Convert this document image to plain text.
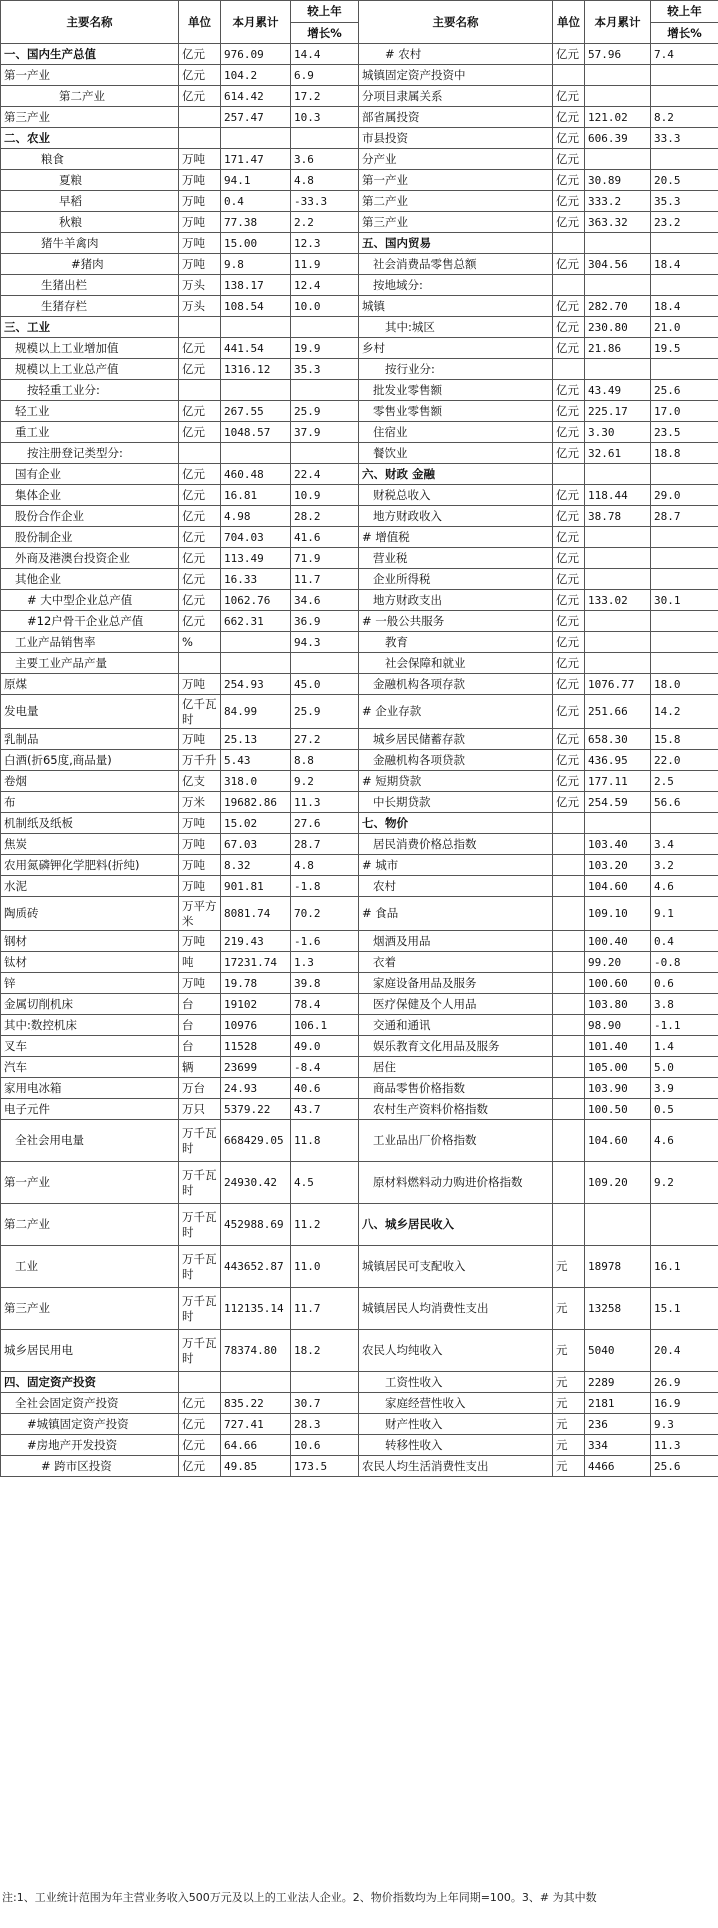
主要名称	单位	本月累计	较上年	主要名称	单位	本月累计	较上年
			增长%				增长%
一、国内生产总值	亿元	976.09	14.4	# 农村	亿元	57.96	7.4
第一产业	亿元	104.2	6.9	城镇固定资产投资中			
第二产业	亿元	614.42	17.2	分项目隶属关系	亿元		
第三产业		257.47	10.3	部省属投资	亿元	121.02	8.2
二、农业				市县投资	亿元	606.39	33.3
粮食	万吨	171.47	3.6	分产业	亿元		
夏粮	万吨	94.1	4.8	第一产业	亿元	30.89	20.5
早稻	万吨	0.4	-33.3	第二产业	亿元	333.2	35.3
秋粮	万吨	77.38	2.2	第三产业	亿元	363.32	23.2
猪牛羊禽肉	万吨	15.00	12.3	五、国内贸易			
#猪肉	万吨	9.8	11.9	社会消费品零售总额	亿元	304.56	18.4
生猪出栏	万头	138.17	12.4	按地域分:			
生猪存栏	万头	108.54	10.0	城镇	亿元	282.70	18.4
三、工业				其中:城区	亿元	230.80	21.0
规模以上工业增加值	亿元	441.54	19.9	乡村	亿元	21.86	19.5
规模以上工业总产值	亿元	1316.12	35.3	按行业分:			
按轻重工业分:				批发业零售额	亿元	43.49	25.6
轻工业	亿元	267.55	25.9	零售业零售额	亿元	225.17	17.0
重工业	亿元	1048.57	37.9	住宿业	亿元	3.30	23.5
按注册登记类型分:				餐饮业	亿元	32.61	18.8
国有企业	亿元	460.48	22.4	六、财政 金融			
集体企业	亿元	16.81	10.9	财税总收入	亿元	118.44	29.0
股份合作企业	亿元	4.98	28.2	地方财政收入	亿元	38.78	28.7
股份制企业	亿元	704.03	41.6	# 增值税	亿元		
外商及港澳台投资企业	亿元	113.49	71.9	营业税	亿元		
其他企业	亿元	16.33	11.7	企业所得税	亿元		
# 大中型企业总产值	亿元	1062.76	34.6	地方财政支出	亿元	133.02	30.1
#12户骨干企业总产值	亿元	662.31	36.9	# 一般公共服务	亿元		
工业产品销售率	%		94.3	教育	亿元		
主要工业产品产量				社会保障和就业	亿元		
原煤	万吨	254.93	45.0	金融机构各项存款	亿元	1076.77	18.0
发电量	亿千瓦时	84.99	25.9	# 企业存款	亿元	251.66	14.2
乳制品	万吨	25.13	27.2	城乡居民储蓄存款	亿元	658.30	15.8
白酒(折65度,商品量)	万千升	5.43	8.8	金融机构各项贷款	亿元	436.95	22.0
卷烟	亿支	318.0	9.2	# 短期贷款	亿元	177.11	2.5
布	万米	19682.86	11.3	中长期贷款	亿元	254.59	56.6
机制纸及纸板	万吨	15.02	27.6	七、物价			
焦炭	万吨	67.03	28.7	居民消费价格总指数		103.40	3.4
农用氮磷钾化学肥料(折纯)	万吨	8.32	4.8	# 城市		103.20	3.2
水泥	万吨	901.81	-1.8	农村		104.60	4.6
陶质砖	万平方米	8081.74	70.2	# 食品		109.10	9.1
钢材	万吨	219.43	-1.6	烟酒及用品		100.40	0.4
钛材	吨	17231.74	1.3	衣着		99.20	-0.8
锌	万吨	19.78	39.8	家庭设备用品及服务		100.60	0.6
金属切削机床	台	19102	78.4	医疗保健及个人用品		103.80	3.8
其中:数控机床	台	10976	106.1	交通和通讯		98.90	-1.1
叉车	台	11528	49.0	娱乐教育文化用品及服务		101.40	1.4
汽车	辆	23699	-8.4	居住		105.00	5.0
家用电冰箱	万台	24.93	40.6	商品零售价格指数		103.90	3.9
电子元件	万只	5379.22	43.7	农村生产资料价格指数		100.50	0.5
全社会用电量	万千瓦时	668429.05	11.8	工业品出厂价格指数		104.60	4.6
第一产业	万千瓦时	24930.42	4.5	原材料燃料动力购进价格指数		109.20	9.2
第二产业	万千瓦时	452988.69	11.2	八、城乡居民收入			
工业	万千瓦时	443652.87	11.0	城镇居民可支配收入	元	18978	16.1
第三产业	万千瓦时	112135.14	11.7	城镇居民人均消费性支出	元	13258	15.1
城乡居民用电	万千瓦时	78374.80	18.2	农民人均纯收入	元	5040	20.4
四、固定资产投资				工资性收入	元	2289	26.9
全社会固定资产投资	亿元	835.22	30.7	家庭经营性收入	元	2181	16.9
#城镇固定资产投资	亿元	727.41	28.3	财产性收入	元	236	9.3
#房地产开发投资	亿元	64.66	10.6	转移性收入	元	334	11.3
# 跨市区投资	亿元	49.85	173.5	农民人均生活消费性支出	元	4466	25.6
注:1、工业统计范围为年主营业务收入500万元及以上的工业法人企业。2、物价指数均为上年同期=100。3、# 为其中数
